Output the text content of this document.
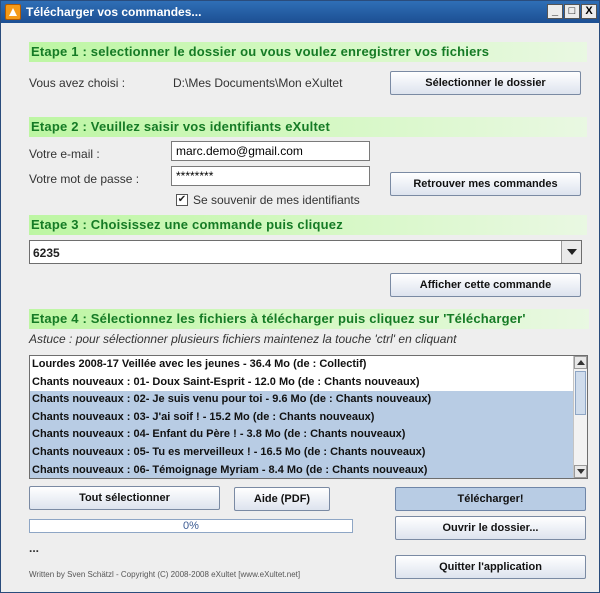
Télécharger vos commandes...	_ □ X
Etape 1 : selectionner le dossier ou vous voulez enregistrer vos fichiers
Vous avez choisi :	D:\Mes Documents\Mon eXultet	Sélectionner le dossier
Etape 2 : Veuillez saisir vos identifiants eXultet
Votre e-mail :	marc.demo@gmail.com
Votre mot de passe :	********
✔ Se souvenir de mes identifiants
Retrouver mes commandes
Etape 3 : Choisissez une commande puis cliquez
6235
Afficher cette commande
Etape 4 : Sélectionnez les fichiers à télécharger puis cliquez sur 'Télécharger'
Astuce : pour sélectionner plusieurs fichiers maintenez la touche 'ctrl' en cliquant
Lourdes 2008-17 Veillée avec les jeunes - 36.4 Mo (de : Collectif)
Chants nouveaux : 01- Doux Saint-Esprit - 12.0 Mo (de : Chants nouveaux)
Chants nouveaux : 02- Je suis venu pour toi - 9.6 Mo (de : Chants nouveaux)
Chants nouveaux : 03- J'ai soif ! - 15.2 Mo (de : Chants nouveaux)
Chants nouveaux : 04- Enfant du Père ! - 3.8 Mo (de : Chants nouveaux)
Chants nouveaux : 05- Tu es merveilleux ! - 16.5 Mo (de : Chants nouveaux)
Chants nouveaux : 06- Témoignage Myriam - 8.4 Mo (de : Chants nouveaux)
Tout sélectionner	Aide (PDF)	Télécharger!
0%	Ouvrir le dossier...
...
Quitter l'application
Written by Sven Schätzl - Copyright (C) 2008-2008 eXultet [www.eXultet.net]
